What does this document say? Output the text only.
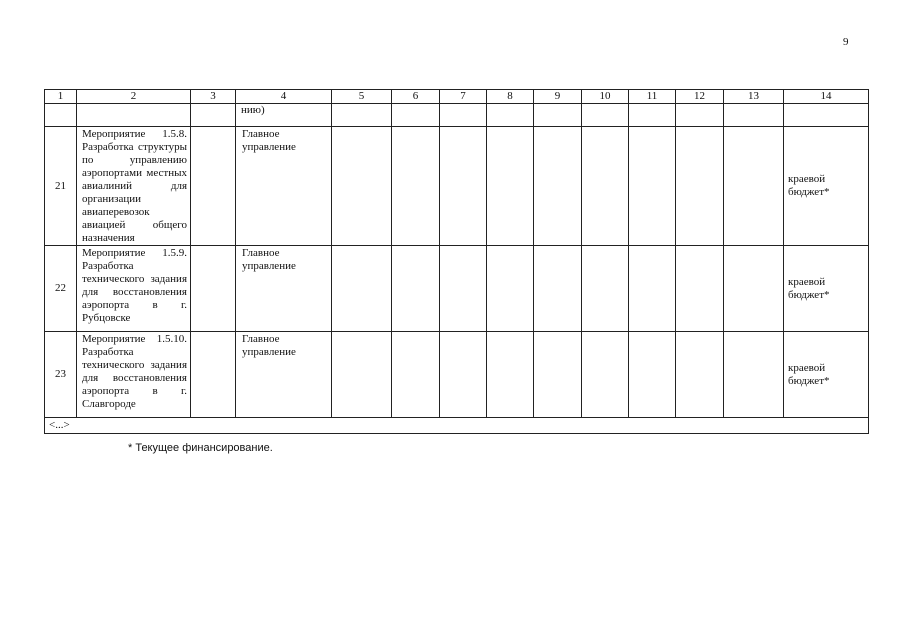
9
1	2	3	4	5	6	7	8	9	10	11	12	13	14
			нию)										
21	Мероприятие 1.5.8. Разработка структуры по управлению аэропортами местных авиалиний для организации авиаперевозок авиацией общего назначения		Главное управление										краевой бюджет*
22	Мероприятие 1.5.9. Разработка технического задания для восстановления аэропорта в г. Рубцовске		Главное управление										краевой бюджет*
23	Мероприятие 1.5.10. Разработка технического задания для восстановления аэропорта в г. Славгороде		Главное управление										краевой бюджет*
<...>													
* Текущее финансирование.
